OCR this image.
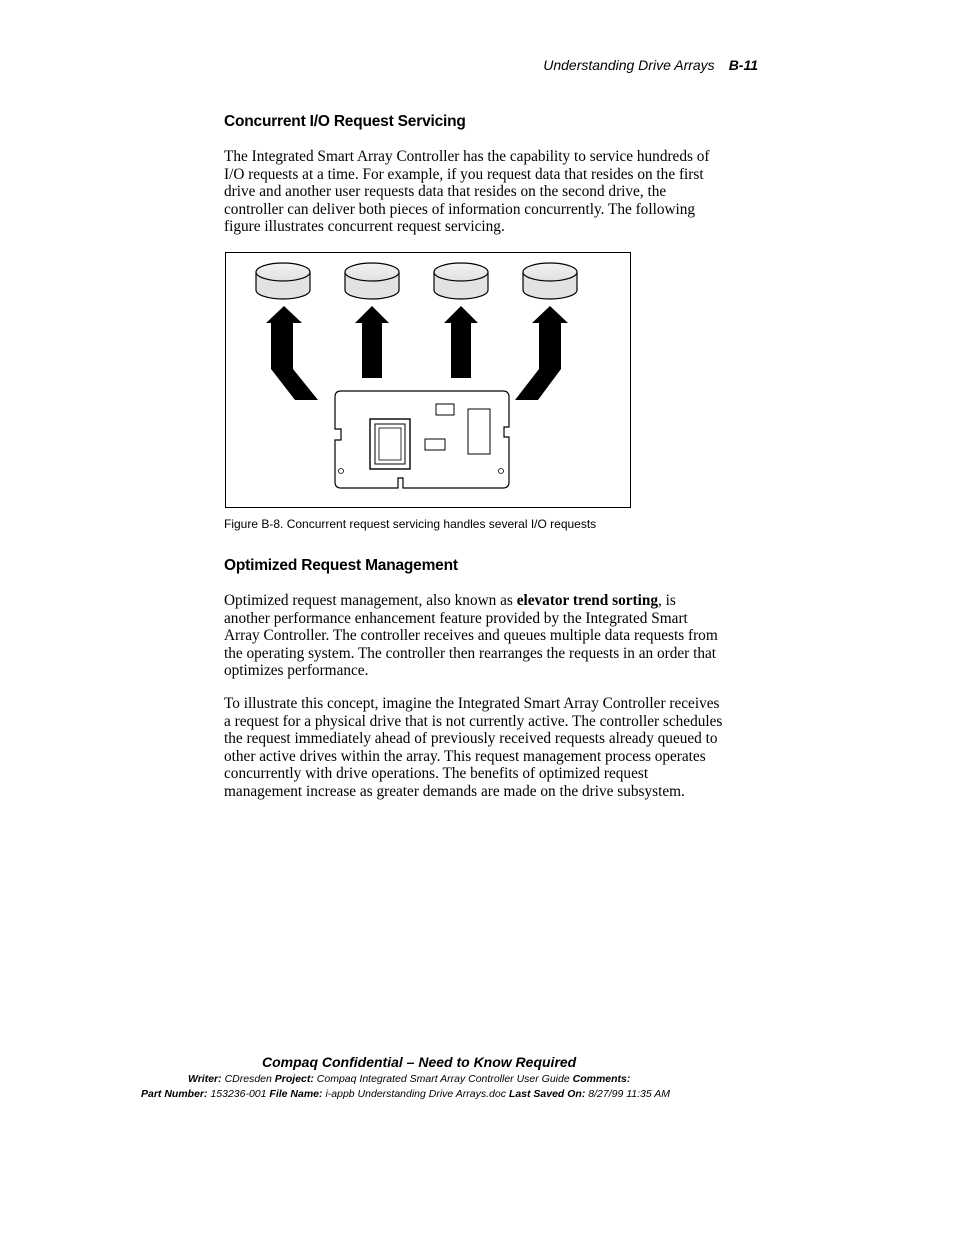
Understanding Drive Arrays B-11
Concurrent I/O Request Servicing

The Integrated Smart Array Controller has the capability to service hundreds of I/O requests at a time. For example, if you request data that resides on the first drive and another user requests data that resides on the second drive, the controller can deliver both pieces of information concurrently. The following figure illustrates concurrent request servicing.

Figure B-8. Concurrent request servicing handles several I/O requests
Optimized Request Management

Optimized request management, also known as elevator trend sorting, is another performance enhancement feature provided by the Integrated Smart Array Controller. The controller receives and queues multiple data requests from the operating system. The controller then rearranges the requests in an order that optimizes performance.

To illustrate this concept, imagine the Integrated Smart Array Controller receives a request for a physical drive that is not currently active. The controller schedules the request immediately ahead of previously received requests already queued to other active drives within the array. This request management process operates concurrently with drive operations. The benefits of optimized request management increase as greater demands are made on the drive subsystem.

Compaq Confidential – Need to Know Required
Writer: CDresden Project: Compaq Integrated Smart Array Controller User Guide Comments:
Part Number: 153236-001 File Name: i-appb Understanding Drive Arrays.doc Last Saved On: 8/27/99 11:35 AM
